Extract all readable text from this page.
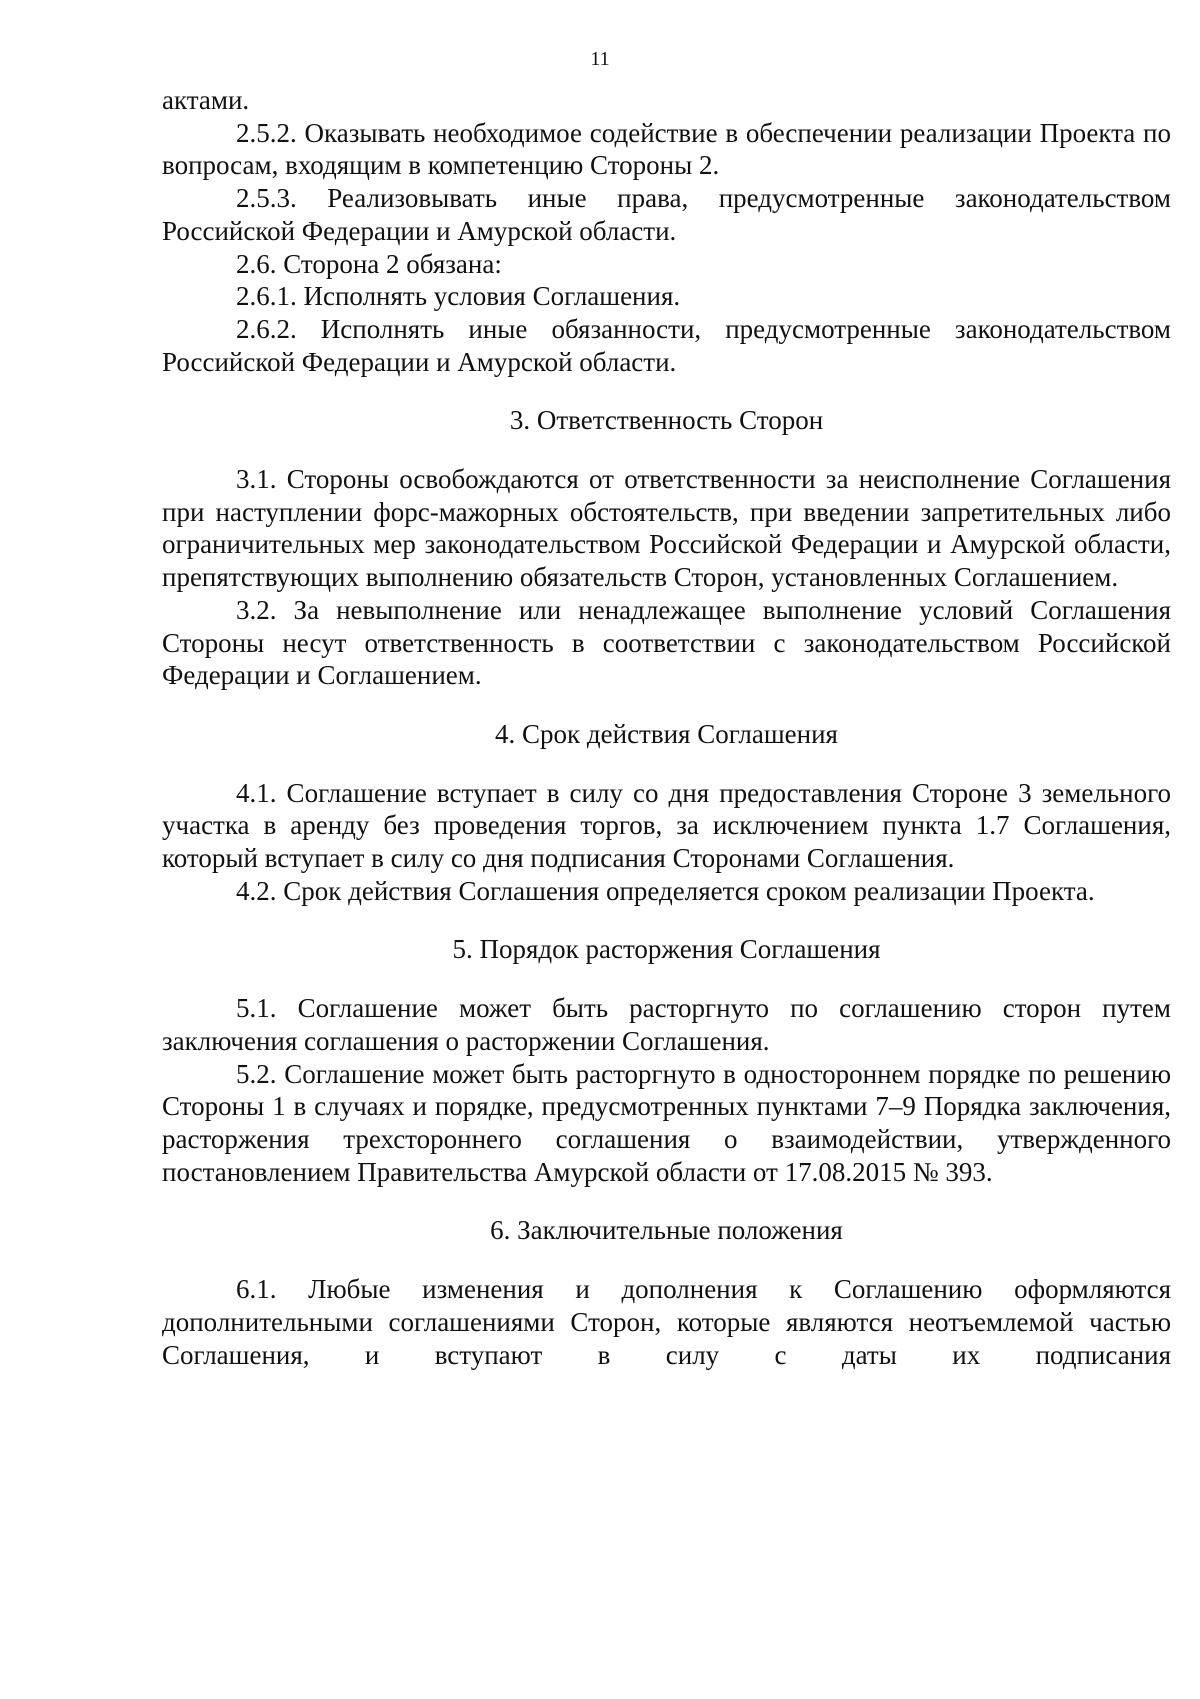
11

актами.

2.5.2. Оказывать необходимое содействие в обеспечении реализации Проекта по вопросам, входящим в компетенцию Стороны 2.

2.5.3. Реализовывать иные права, предусмотренные законодательством Российской Федерации и Амурской области.

2.6. Сторона 2 обязана:

2.6.1. Исполнять условия Соглашения.

2.6.2. Исполнять иные обязанности, предусмотренные законодательством Российской Федерации и Амурской области.

3. Ответственность Сторон

3.1. Стороны освобождаются от ответственности за неисполнение Соглашения при наступлении форс-мажорных обстоятельств, при введении запретительных либо ограничительных мер законодательством Российской Федерации и Амурской области, препятствующих выполнению обязательств Сторон, установленных Соглашением.

3.2. За невыполнение или ненадлежащее выполнение условий Соглашения Стороны несут ответственность в соответствии с законодательством Российской Федерации и Соглашением.

4. Срок действия Соглашения

4.1. Соглашение вступает в силу со дня предоставления Стороне 3 земельного участка в аренду без проведения торгов, за исключением пункта 1.7 Соглашения, который вступает в силу со дня подписания Сторонами Соглашения.

4.2. Срок действия Соглашения определяется сроком реализации Проекта.

5. Порядок расторжения Соглашения

5.1. Соглашение может быть расторгнуто по соглашению сторон путем заключения соглашения о расторжении Соглашения.

5.2. Соглашение может быть расторгнуто в одностороннем порядке по решению Стороны 1 в случаях и порядке, предусмотренных пунктами 7–9 Порядка заключения, расторжения трехстороннего соглашения о взаимодействии, утвержденного постановлением Правительства Амурской области от 17.08.2015 № 393.

6. Заключительные положения

6.1. Любые изменения и дополнения к Соглашению оформляются дополнительными соглашениями Сторон, которые являются неотъемлемой частью Соглашения, и вступают в силу с даты их подписания
